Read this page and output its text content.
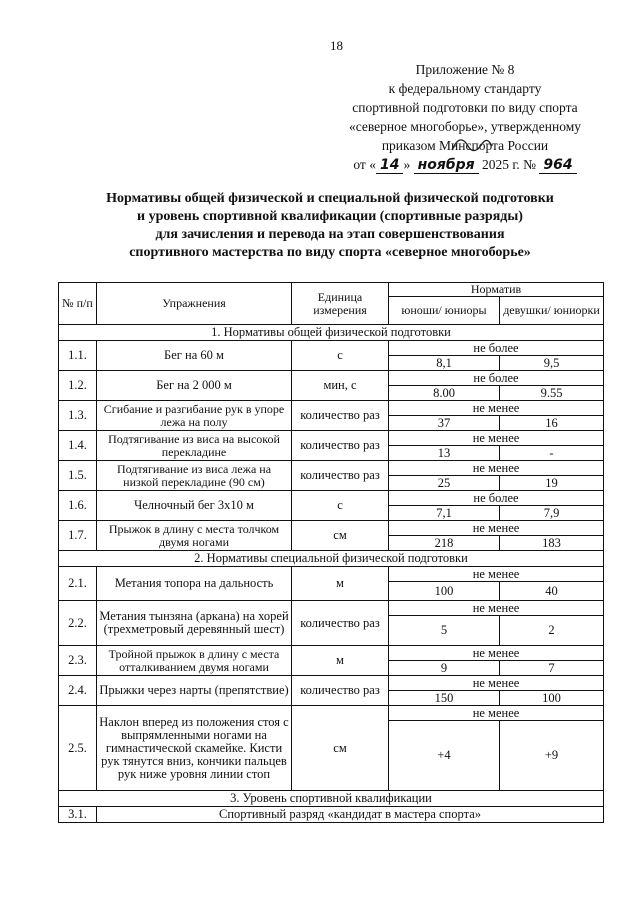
18
Приложение № 8
к федеральному стандарту
спортивной подготовки по виду спорта
«северное многоборье», утвержденному
приказом Минспорта России
от « 14 » ноября 2025 г. № 964
Нормативы общей физической и специальной физической подготовки
и уровень спортивной квалификации (спортивные разряды)
для зачисления и перевода на этап совершенствования
спортивного мастерства по виду спорта «северное многоборье»
№ п/п	Упражнения	Единица измерения	Норматив	
			юноши/ юниоры	девушки/ юниорки
1. Нормативы общей физической подготовки				
1.1.	Бег на 60 м	с	не более	
			8,1	9,5
1.2.	Бег на 2 000 м	мин, с	не более	
			8.00	9.55
1.3.	Сгибание и разгибание рук в упоре лежа на полу	количество раз	не менее	
			37	16
1.4.	Подтягивание из виса на высокой перекладине	количество раз	не менее	
			13	-
1.5.	Подтягивание из виса лежа на низкой перекладине (90 см)	количество раз	не менее	
			25	19
1.6.	Челночный бег 3x10 м	с	не более	
			7,1	7,9
1.7.	Прыжок в длину с места толчком двумя ногами	см	не менее	
			218	183
2. Нормативы специальной физической подготовки				
2.1.	Метания топора на дальность	м	не менее	
			100	40
2.2.	Метания тынзяна (аркана) на хорей (трехметровый деревянный шест)	количество раз	не менее	
			5	2
2.3.	Тройной прыжок в длину с места отталкиванием двумя ногами	м	не менее	
			9	7
2.4.	Прыжки через нарты (препятствие)	количество раз	не менее	
			150	100
2.5.	Наклон вперед из положения стоя с выпрямленными ногами на гимнастической скамейке. Кисти рук тянутся вниз, кончики пальцев рук ниже уровня линии стоп	см	не менее	
			+4	+9
3. Уровень спортивной квалификации				
3.1.	Спортивный разряд «кандидат в мастера спорта»			
